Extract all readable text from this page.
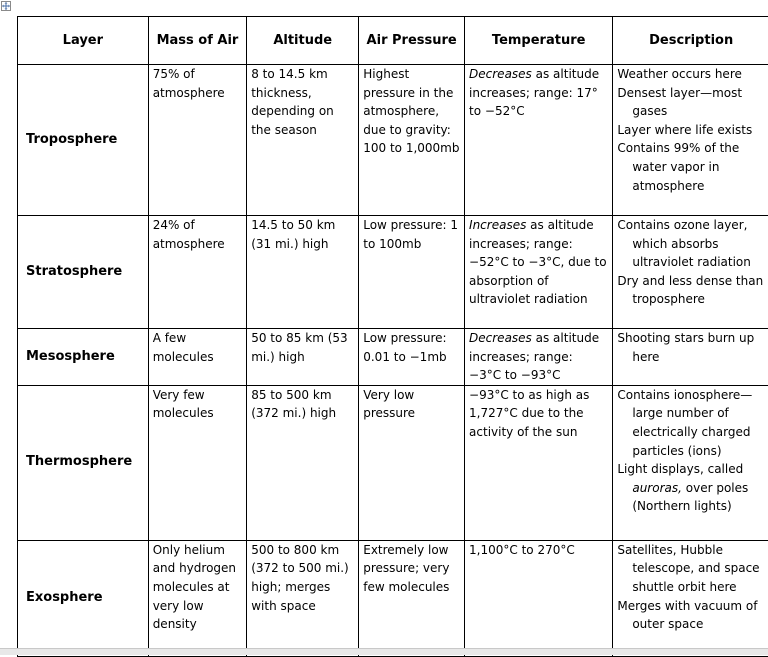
Layer	Mass of Air	Altitude	Air Pressure	Temperature	Description
Troposphere	75% of atmosphere	8 to 14.5 km thickness, depending on the season	Highest pressure in the atmosphere, due to gravity: 100 to 1,000mb	Decreases as altitude increases; range: 17° to −52°C	Weather occurs here
Densest layer—most gases
Layer where life exists
Contains 99% of the water vapor in atmosphere

Stratosphere	24% of atmosphere	14.5 to 50 km (31 mi.) high	Low pressure: 1 to 100mb	Increases as altitude increases; range: −52°C to −3°C, due to absorption of ultraviolet radiation	Contains ozone layer, which absorbs ultraviolet radiation
Dry and less dense than troposphere

Mesosphere	A few molecules	50 to 85 km (53 mi.) high	Low pressure: 0.01 to −1mb	Decreases as altitude increases; range: −3°C to −93°C	Shooting stars burn up here

Thermosphere	Very few molecules	85 to 500 km (372 mi.) high	Very low pressure	−93°C to as high as 1,727°C due to the activity of the sun	Contains ionosphere—large number of electrically charged particles (ions)
Light displays, called auroras, over poles (Northern lights)

Exosphere	Only helium and hydrogen molecules at very low density	500 to 800 km (372 to 500 mi.) high; merges with space	Extremely low pressure; very few molecules	1,100°C to 270°C	Satellites, Hubble telescope, and space shuttle orbit here
Merges with vacuum of outer space
